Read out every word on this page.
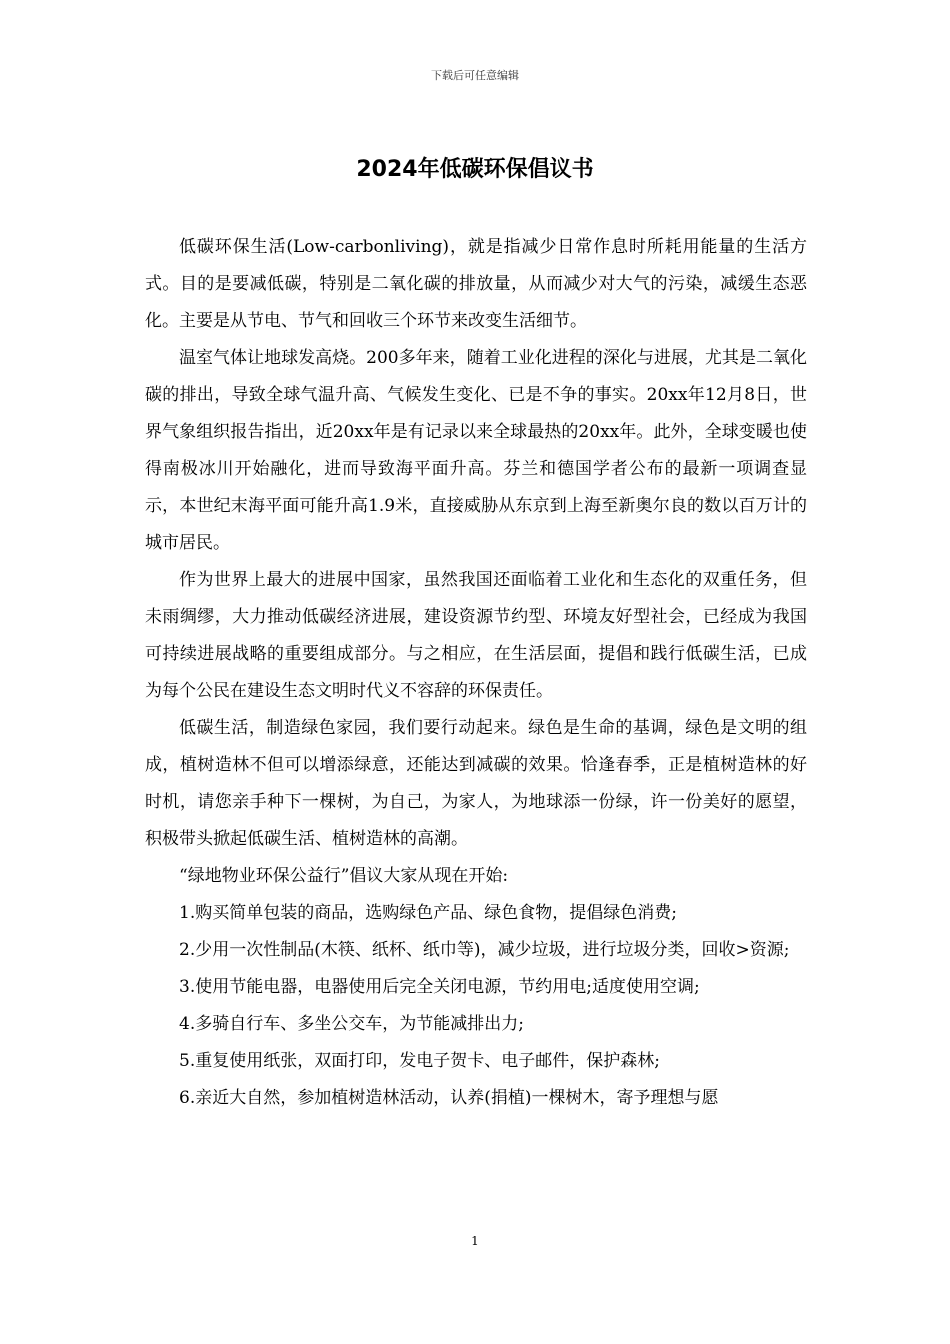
下载后可任意编辑
2024年低碳环保倡议书

低碳环保生活(Low-carbonliving)，就是指减少日常作息时所耗用能量的生活方式。目的是要减低碳，特别是二氧化碳的排放量，从而减少对大气的污染，减缓生态恶化。主要是从节电、节气和回收三个环节来改变生活细节。

温室气体让地球发高烧。200多年来，随着工业化进程的深化与进展，尤其是二氧化碳的排出，导致全球气温升高、气候发生变化、已是不争的事实。20xx年12月8日，世界气象组织报告指出，近20xx年是有记录以来全球最热的20xx年。此外，全球变暖也使得南极冰川开始融化，进而导致海平面升高。芬兰和德国学者公布的最新一项调查显示，本世纪末海平面可能升高1.9米，直接威胁从东京到上海至新奥尔良的数以百万计的城市居民。

作为世界上最大的进展中国家，虽然我国还面临着工业化和生态化的双重任务，但未雨绸缪，大力推动低碳经济进展，建设资源节约型、环境友好型社会，已经成为我国可持续进展战略的重要组成部分。与之相应，在生活层面，提倡和践行低碳生活，已成为每个公民在建设生态文明时代义不容辞的环保责任。

低碳生活，制造绿色家园，我们要行动起来。绿色是生命的基调，绿色是文明的组成，植树造林不但可以增添绿意，还能达到减碳的效果。恰逢春季，正是植树造林的好时机，请您亲手种下一棵树，为自己，为家人，为地球添一份绿，许一份美好的愿望，积极带头掀起低碳生活、植树造林的高潮。

“绿地物业环保公益行”倡议大家从现在开始:

1.购买简单包装的商品，选购绿色产品、绿色食物，提倡绿色消费;

2.少用一次性制品(木筷、纸杯、纸巾等)，减少垃圾，进行垃圾分类，回收>资源;

3.使用节能电器，电器使用后完全关闭电源，节约用电;适度使用空调;

4.多骑自行车、多坐公交车，为节能减排出力;

5.重复使用纸张，双面打印，发电子贺卡、电子邮件，保护森林;

6.亲近大自然，参加植树造林活动，认养(捐植)一棵树木，寄予理想与愿

1
